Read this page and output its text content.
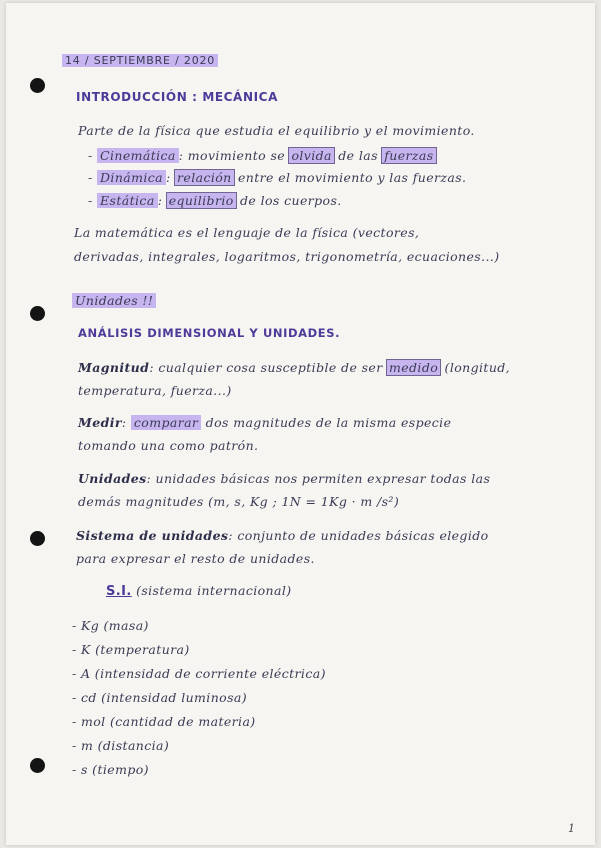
14 / SEPTIEMBRE / 2020
INTRODUCCIÓN : MECÁNICA
Parte de la física que estudia el equilibrio y el movimiento.
- Cinemática : movimiento se olvida de las fuerzas
- Dinámica : relación entre el movimiento y las fuerzas.
- Estática : equilibrio de los cuerpos.
La matemática es el lenguaje de la física (vectores,
derivadas, integrales, logaritmos, trigonometría, ecuaciones...)
Unidades !!
ANÁLISIS DIMENSIONAL Y UNIDADES.
Magnitud: cualquier cosa susceptible de ser medido (longitud,
temperatura, fuerza...)
Medir: comparar dos magnitudes de la misma especie
tomando una como patrón.
Unidades: unidades básicas nos permiten expresar todas las
demás magnitudes (m, s, Kg ; 1N = 1Kg · m /s²)
Sistema de unidades: conjunto de unidades básicas elegido
para expresar el resto de unidades.
S.I. (sistema internacional)
- Kg (masa)
- K (temperatura)
- A (intensidad de corriente eléctrica)
- cd (intensidad luminosa)
- mol (cantidad de materia)
- m (distancia)
- s (tiempo)
1
